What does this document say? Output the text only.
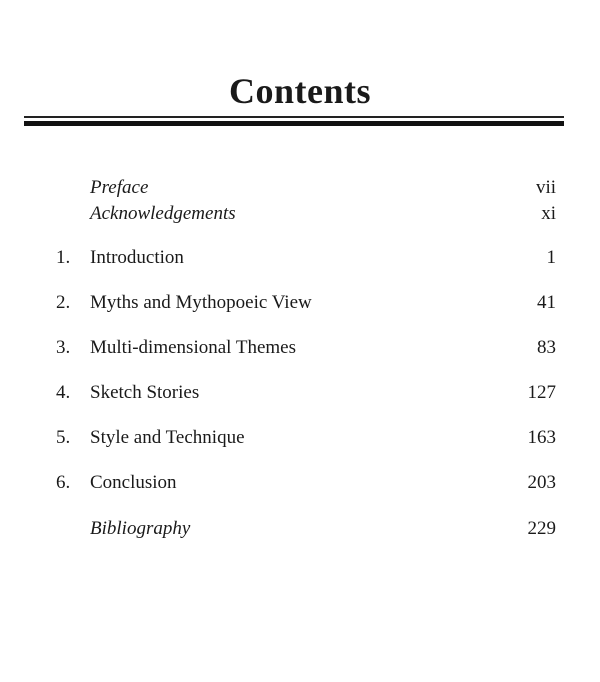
Contents
Preface	vii
Acknowledgements	xi
1.	Introduction	1
2.	Myths and Mythopoeic View	41
3.	Multi-dimensional Themes	83
4.	Sketch Stories	127
5.	Style and Technique	163
6.	Conclusion	203
Bibliography	229
